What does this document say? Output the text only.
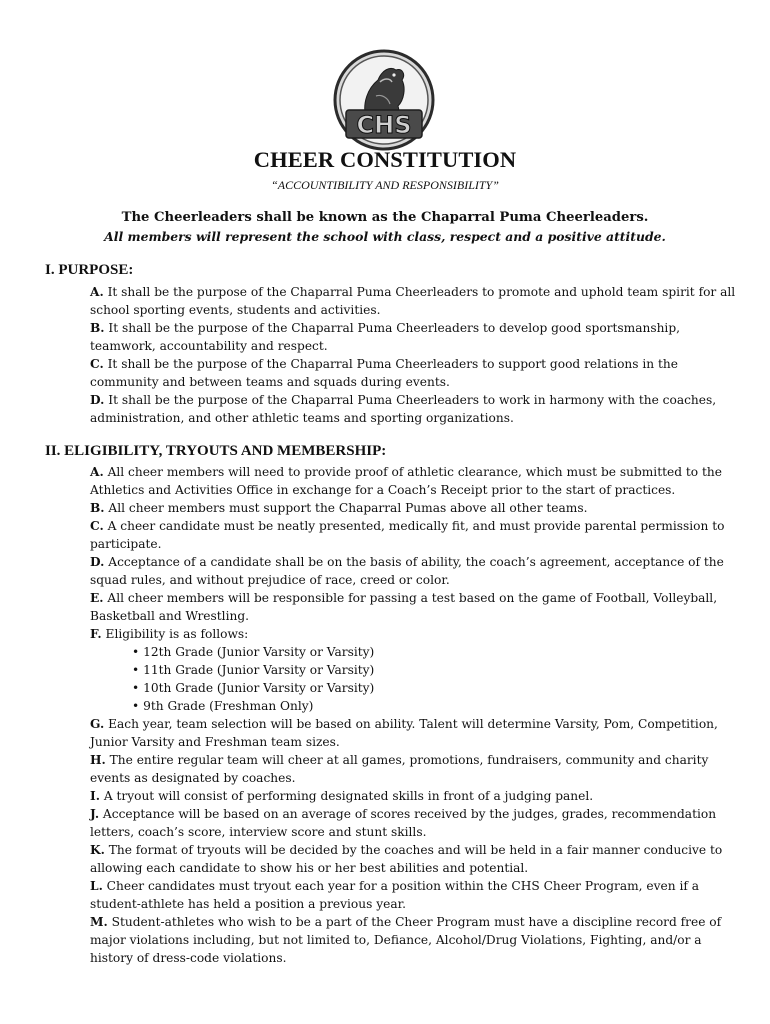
CHS
CHEER CONSTITUTION
“ACCOUNTIBILITY AND RESPONSIBILITY”
The Cheerleaders shall be known as the Chaparral Puma Cheerleaders.
All members will represent the school with class, respect and a positive attitude.
I. PURPOSE:

A. It shall be the purpose of the Chaparral Puma Cheerleaders to promote and uphold team spirit for all school sporting events, students and activities.

B. It shall be the purpose of the Chaparral Puma Cheerleaders to develop good sportsmanship, teamwork, accountability and respect.

C. It shall be the purpose of the Chaparral Puma Cheerleaders to support good relations in the community and between teams and squads during events.

D. It shall be the purpose of the Chaparral Puma Cheerleaders to work in harmony with the coaches, administration, and other athletic teams and sporting organizations.

II. ELIGIBILITY, TRYOUTS AND MEMBERSHIP:

A. All cheer members will need to provide proof of athletic clearance, which must be submitted to the Athletics and Activities Office in exchange for a Coach’s Receipt prior to the start of practices.

B. All cheer members must support the Chaparral Pumas above all other teams.

C. A cheer candidate must be neatly presented, medically fit, and must provide parental permission to participate.

D. Acceptance of a candidate shall be on the basis of ability, the coach’s agreement, acceptance of the squad rules, and without prejudice of race, creed or color.

E. All cheer members will be responsible for passing a test based on the game of Football, Volleyball, Basketball and Wrestling.

F. Eligibility is as follows:

• 12th Grade (Junior Varsity or Varsity)
• 11th Grade (Junior Varsity or Varsity)
• 10th Grade (Junior Varsity or Varsity)
• 9th Grade (Freshman Only)

G. Each year, team selection will be based on ability. Talent will determine Varsity, Pom, Competition, Junior Varsity and Freshman team sizes.

H. The entire regular team will cheer at all games, promotions, fundraisers, community and charity events as designated by coaches.

I. A tryout will consist of performing designated skills in front of a judging panel.

J. Acceptance will be based on an average of scores received by the judges, grades, recommendation letters, coach’s score, interview score and stunt skills.

K. The format of tryouts will be decided by the coaches and will be held in a fair manner conducive to allowing each candidate to show his or her best abilities and potential.

L. Cheer candidates must tryout each year for a position within the CHS Cheer Program, even if a student-athlete has held a position a previous year.

M. Student-athletes who wish to be a part of the Cheer Program must have a discipline record free of major violations including, but not limited to, Defiance, Alcohol/Drug Violations, Fighting, and/or a history of dress-code violations.
